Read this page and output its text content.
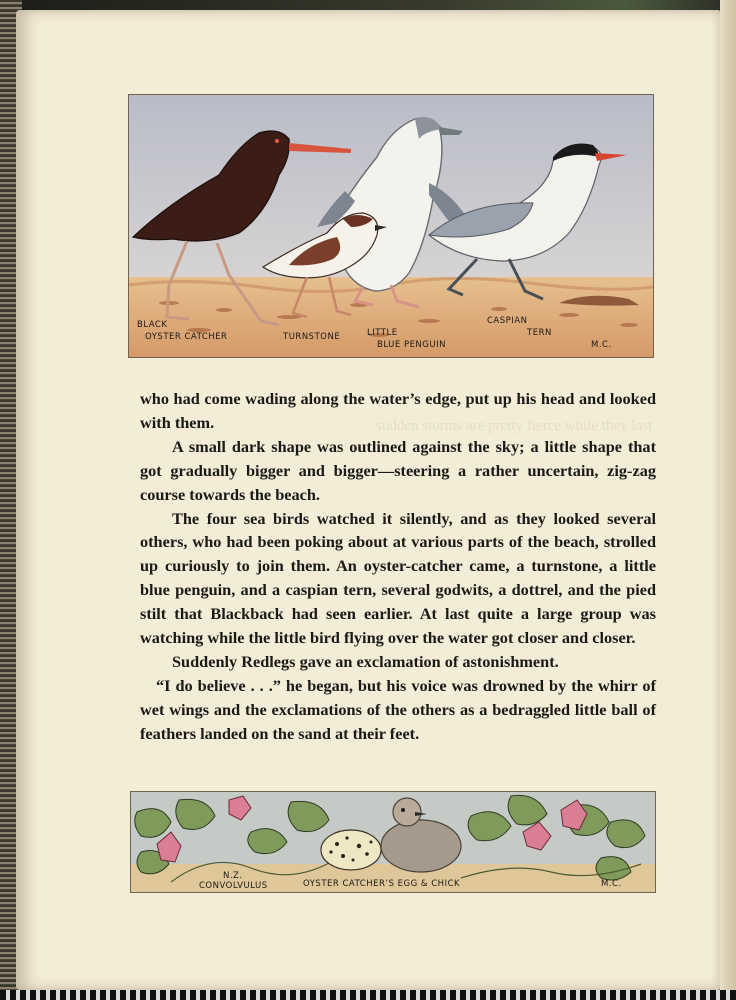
BLACK
OYSTER CATCHER	TURNSTONE	LITTLE
BLUE PENGUIN
CASPIAN
TERN
M.C.
sudden storms are pretty fierce while they last

who had come wading along the water’s edge, put up his head and looked with them.

A small dark shape was outlined against the sky; a little shape that got gradually bigger and bigger—steering a rather uncertain, zig-zag course towards the beach.

The four sea birds watched it silently, and as they looked several others, who had been poking about at various parts of the beach, strolled up curiously to join them. An oyster-catcher came, a turnstone, a little blue penguin, and a caspian tern, several godwits, a dottrel, and the pied stilt that Blackback had seen earlier. At last quite a large group was watching while the little bird flying over the water got closer and closer.

Suddenly Redlegs gave an exclamation of astonishment.

“I do believe . . .” he began, but his voice was drowned by the whirr of wet wings and the exclamations of the others as a bedraggled little ball of feathers landed on the sand at their feet.

N.Z.
CONVOLVULUS	OYSTER CATCHER’S EGG & CHICK	M.C.
